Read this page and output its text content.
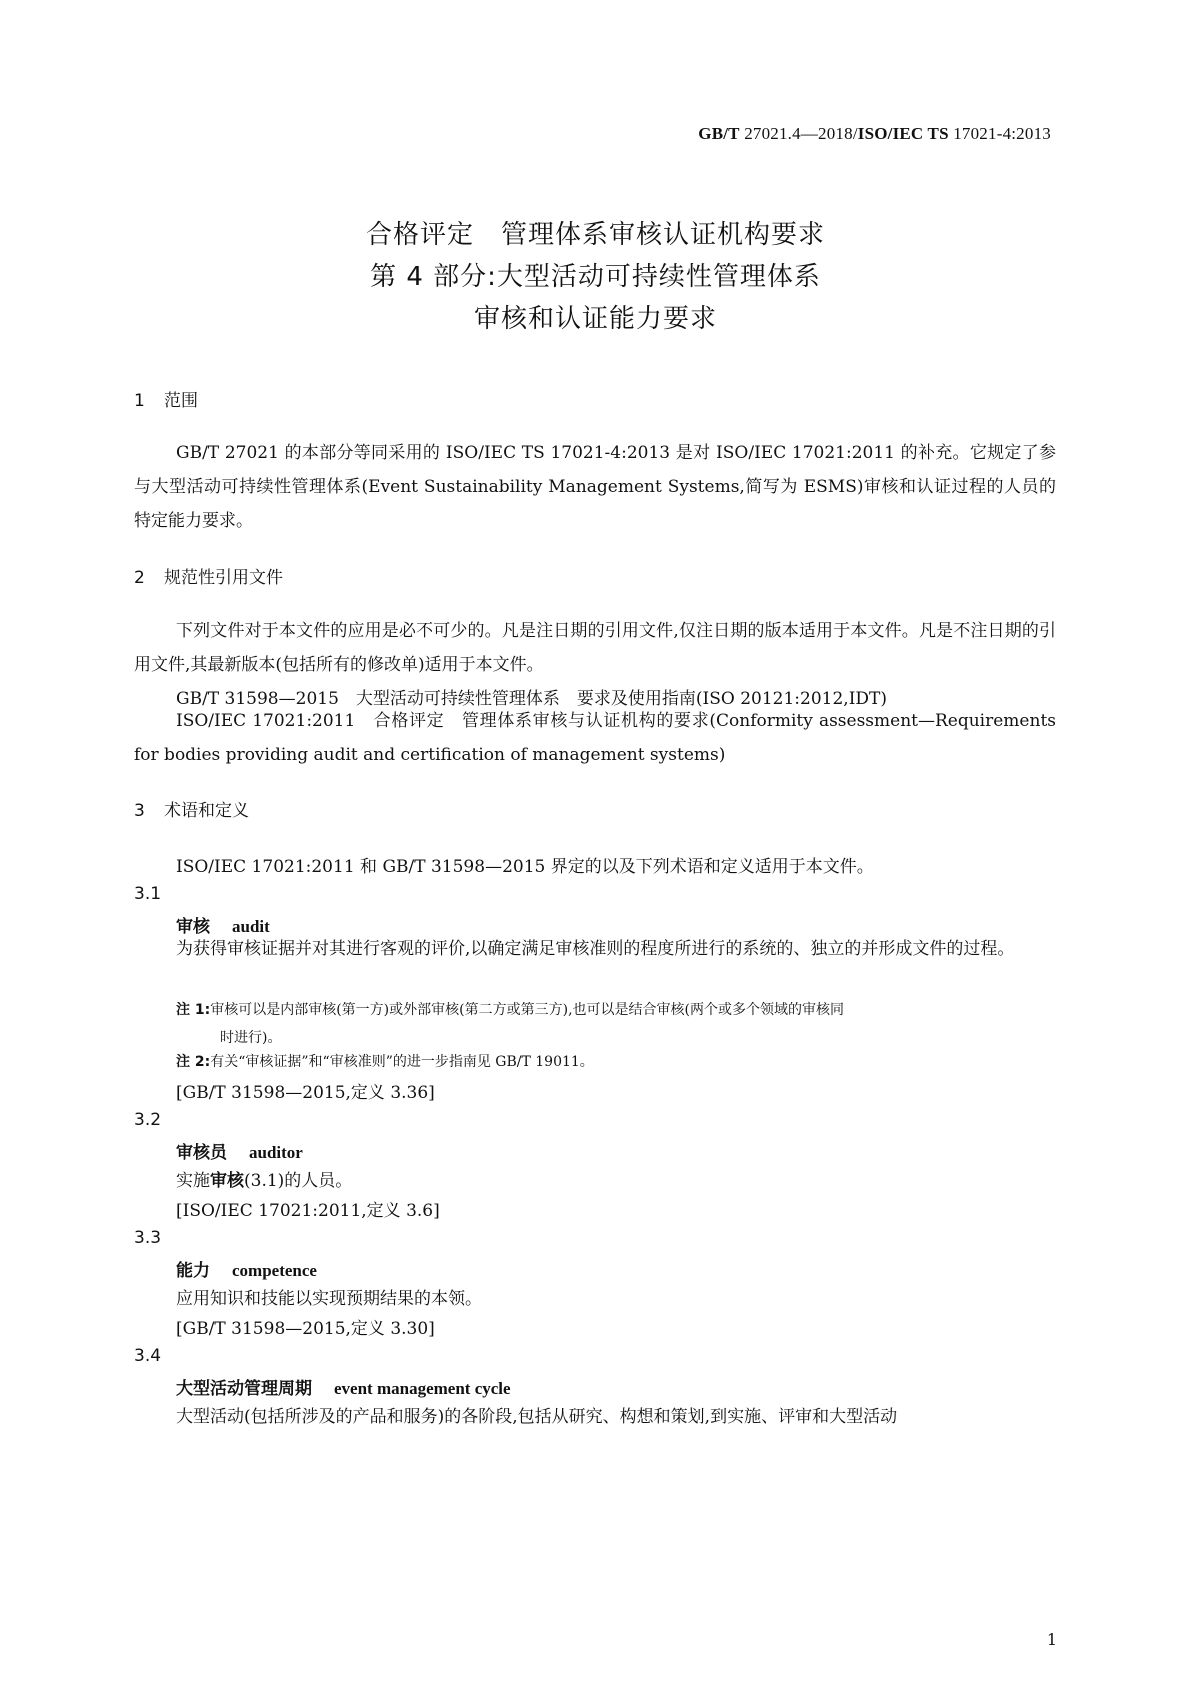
GB/T 27021.4—2018/ISO/IEC TS 17021-4:2013
合格评定　管理体系审核认证机构要求
第 4 部分:大型活动可持续性管理体系
审核和认证能力要求
1 范围
GB/T 27021 的本部分等同采用的 ISO/IEC TS 17021-4:2013 是对 ISO/IEC 17021:2011 的补充。它规定了参与大型活动可持续性管理体系(Event Sustainability Management Systems,简写为 ESMS)审核和认证过程的人员的特定能力要求。
2 规范性引用文件
下列文件对于本文件的应用是必不可少的。凡是注日期的引用文件,仅注日期的版本适用于本文件。凡是不注日期的引用文件,其最新版本(包括所有的修改单)适用于本文件。
GB/T 31598—2015　大型活动可持续性管理体系　要求及使用指南(ISO 20121:2012,IDT)
ISO/IEC 17021:2011　合格评定　管理体系审核与认证机构的要求(Conformity assessment—Requirements for bodies providing audit and certification of management systems)
3 术语和定义
ISO/IEC 17021:2011 和 GB/T 31598—2015 界定的以及下列术语和定义适用于本文件。
3.1
审核 audit
为获得审核证据并对其进行客观的评价,以确定满足审核准则的程度所进行的系统的、独立的并形成文件的过程。
注 1:审核可以是内部审核(第一方)或外部审核(第二方或第三方),也可以是结合审核(两个或多个领域的审核同
时进行)。
注 2:有关“审核证据”和“审核准则”的进一步指南见 GB/T 19011。
[GB/T 31598—2015,定义 3.36]
3.2
审核员 auditor
实施审核(3.1)的人员。
[ISO/IEC 17021:2011,定义 3.6]
3.3
能力 competence
应用知识和技能以实现预期结果的本领。
[GB/T 31598—2015,定义 3.30]
3.4
大型活动管理周期 event management cycle
大型活动(包括所涉及的产品和服务)的各阶段,包括从研究、构想和策划,到实施、评审和大型活动
1
